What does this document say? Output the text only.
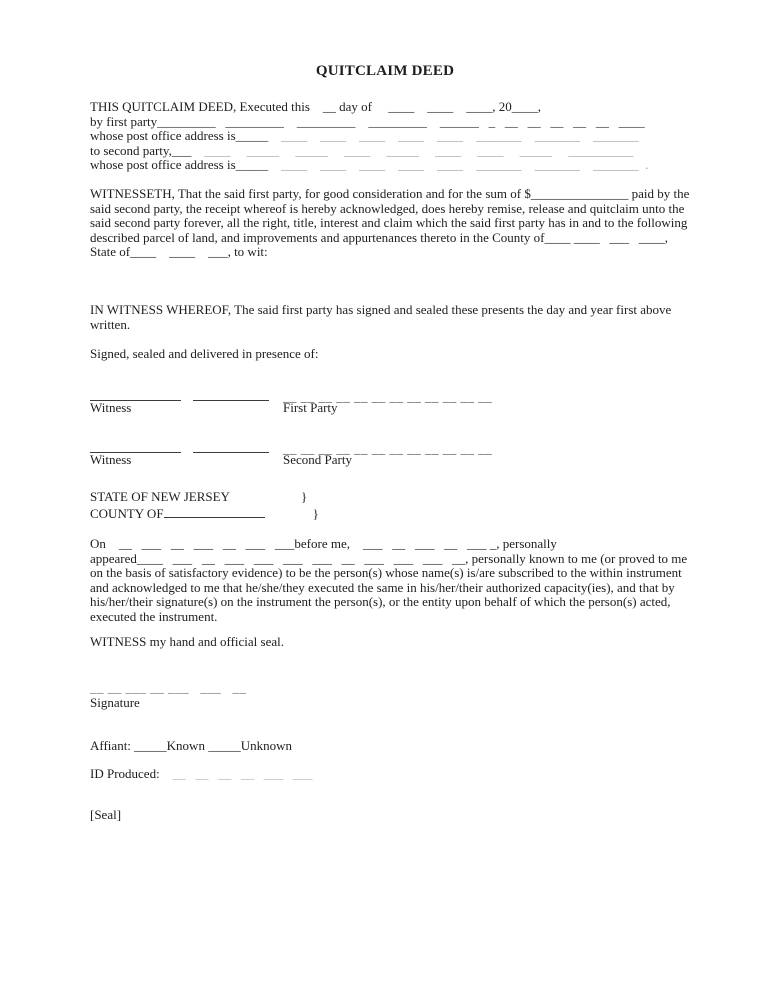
QUITCLAIM DEED
THIS QUITCLAIM DEED, Executed this    __ day of     ____    ____    ____, 20____,
by first party_________   _________    _________    _________    ______   _   __   __   __   __   __   ____
whose post office address is_____    ____    ____    ____    ____    ____    _______    _______    _______
to second party,___    ____     _____     _____     ____     _____     ____     ____     _____     __________
whose post office address is_____    ____    ____    ____    ____    ____    _______    _______    _______  .
WITNESSETH, That the said first party, for good consideration and for the sum of $_______________ paid by the
said second party, the receipt whereof is hereby acknowledged, does hereby remise, release and quitclaim unto the
said second party forever, all the right, title, interest and claim which the said first party has in and to the following
described parcel of land, and improvements and appurtenances thereto in the County of____ ____   ___   ____,
State of____    ____    ___, to wit:
IN WITNESS WHEREOF, The said first party has signed and sealed these presents the day and year first above
written.
Signed, sealed and delivered in presence of:
__ __ __ __ __ __ __ __ __ __ __ __
Witness	First Party
__ __ __ __ __ __ __ __ __ __ __ __
Witness	Second Party
STATE OF NEW JERSEY	}
COUNTY OF	}
On    __   ___   __   ___   __   ___   ___before me,    ___   __   ___   __   ___ _, personally
appeared____   ___   __   ___   ___   ___   ___   __   ___   ___   ___   __, personally known to me (or proved to me
on the basis of satisfactory evidence) to be the person(s) whose name(s) is/are subscribed to the within instrument
and acknowledged to me that he/she/they executed the same in his/her/their authorized capacity(ies), and that by
his/her/their signature(s) on the instrument the person(s), or the entity upon behalf of which the person(s) acted,
executed the instrument.
WITNESS my hand and official seal.
__ __ ___ __ ___   ___   __
Signature
Affiant: _____Known _____Unknown
ID Produced:    __   __   __   __   ___   ___
[Seal]
